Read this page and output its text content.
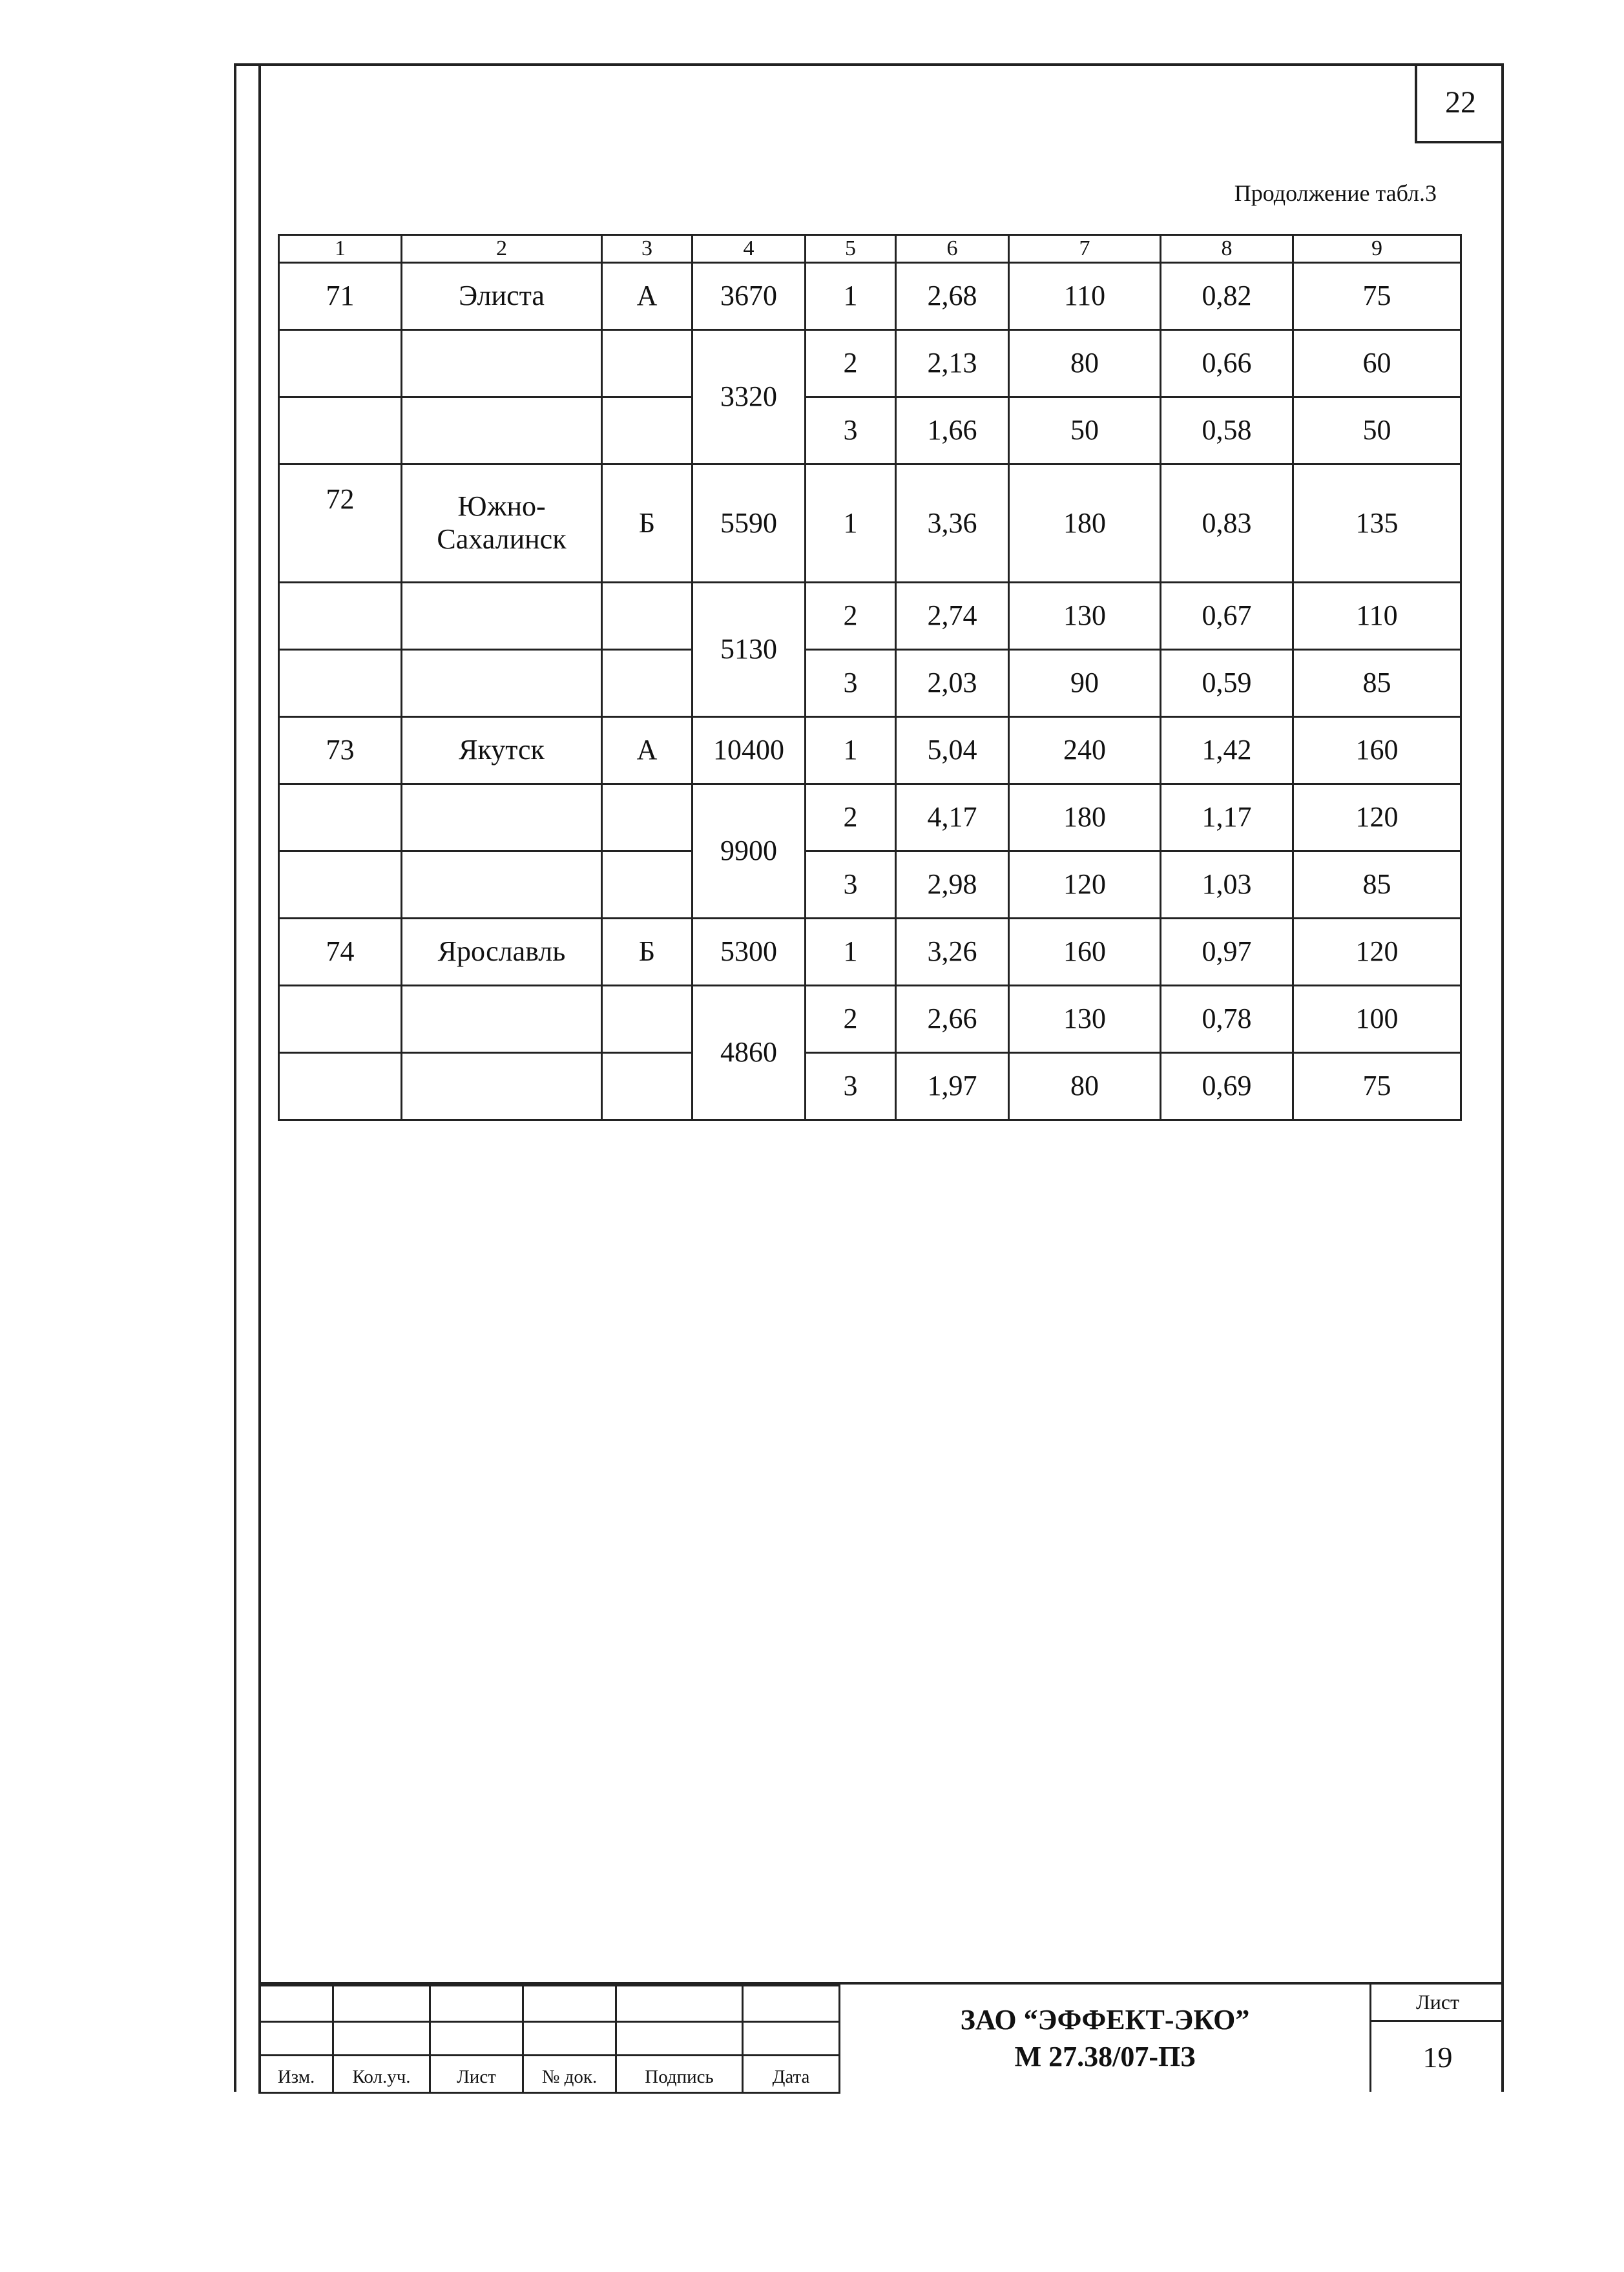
22
Продолжение табл.3
1	2	3	4	5	6	7	8	9
71	Элиста	А	3670	1	2,68	110	0,82	75
			3320	2	2,13	80	0,66	60
				3	1,66	50	0,58	50
72	Южно-
Сахалинск	Б	5590	1	3,36	180	0,83	135
			5130	2	2,74	130	0,67	110
				3	2,03	90	0,59	85
73	Якутск	А	10400	1	5,04	240	1,42	160
			9900	2	4,17	180	1,17	120
				3	2,98	120	1,03	85
74	Ярославль	Б	5300	1	3,26	160	0,97	120
			4860	2	2,66	130	0,78	100
				3	1,97	80	0,69	75

Изм.	Кол.уч.	Лист	№ док.	Подпись	Дата
ЗАО “ЭФФЕКТ-ЭКО”
М 27.38/07-ПЗ
Лист
19
